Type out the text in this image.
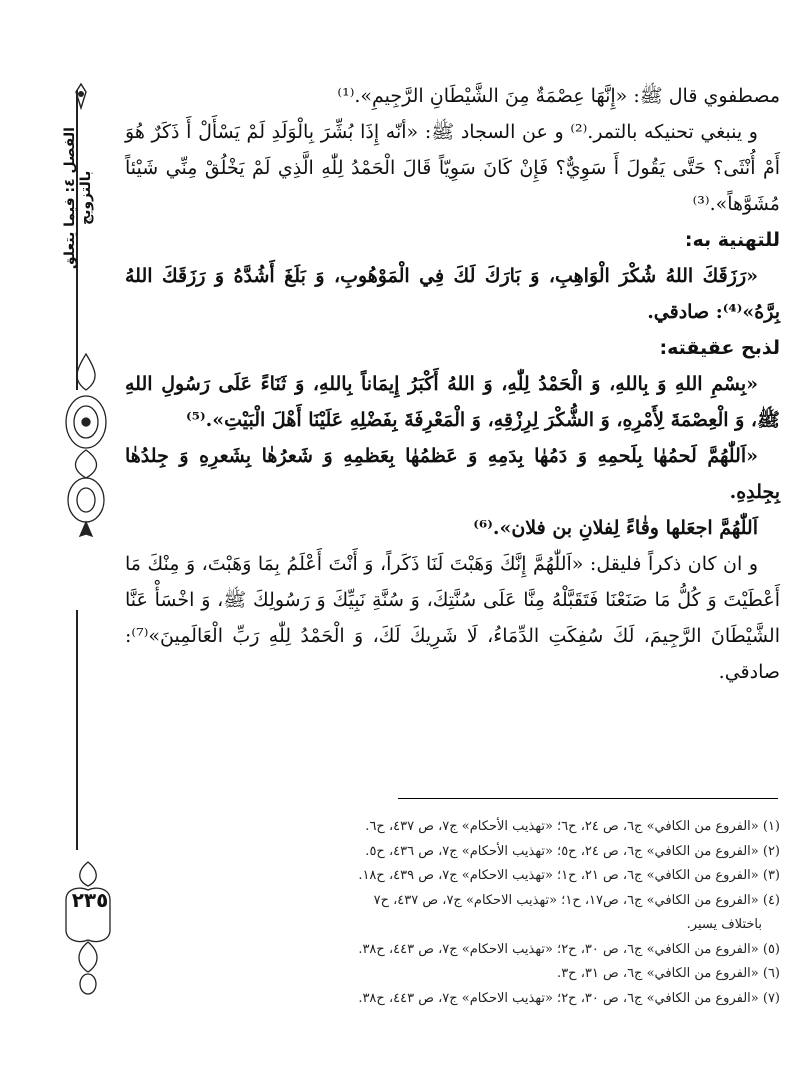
الفصل ٤: فيما يتعلق بالتزويج
٢٣٥

مصطفوي قال ﷺ: «إِنَّهَا عِصْمَةٌ مِنَ الشَّيْطَانِ الرَّجِيمِ».⁽¹⁾

و ينبغي تحنيكه بالتمر.⁽²⁾ و عن السجاد ﷺ: «أنّه إِذَا بُشِّرَ بِالْوَلَدِ لَمْ يَسْأَلْ أَ ذَكَرٌ هُوَ أَمْ أُنْثَى؟ حَتَّى يَقُولَ أَ سَوِيٌّ؟ فَإِنْ كَانَ سَوِيّاً قَالَ الْحَمْدُ لِلّٰهِ الَّذِي لَمْ يَخْلُقْ مِنِّي شَيْئاً مُشَوَّهاً».⁽³⁾

للتهنية به:

«رَزَقَكَ اللهُ شُكْرَ الْوَاهِبِ، وَ بَارَكَ لَكَ فِي الْمَوْهُوبِ، وَ بَلَغَ أَشُدَّهُ وَ رَزَقَكَ اللهُ بِرَّهُ»⁽⁴⁾: صادقي.

لذبح عقيقته:

«بِسْمِ اللهِ وَ بِاللهِ، وَ الْحَمْدُ لِلّٰهِ، وَ اللهُ أَكْبَرُ إِيمَاناً بِاللهِ، وَ ثَنَاءً عَلَى رَسُولِ اللهِ ﷺ، وَ الْعِصْمَةَ لِأَمْرِهِ، وَ الشُّكْرَ لِرِزْقِهِ، وَ الْمَعْرِفَةَ بِفَضْلِهِ عَلَيْنَا أَهْلَ الْبَيْتِ».⁽⁵⁾

«اَللّٰهُمَّ لَحمُهٰا بِلَحمِهِ وَ دَمُهٰا بِدَمِهِ وَ عَظمُهٰا بِعَظمِهِ وَ شَعرُهٰا بِشَعرِهِ وَ جِلدُهٰا بِجِلدِهِ.

اَللّٰهُمَّ اجعَلها وقٰاءً لِفلانِ بن فلان».⁽⁶⁾

و ان كان ذكراً فليقل: «اَللّٰهُمَّ إِنَّكَ وَهَبْتَ لَنَا ذَكَراً، وَ أَنْتَ أَعْلَمُ بِمَا وَهَبْتَ، وَ مِنْكَ مَا أَعْطَيْتَ وَ كُلُّ مَا صَنَعْنَا فَتَقَبَّلْهُ مِنَّا عَلَى سُنَّتِكَ، وَ سُنَّةِ نَبِيِّكَ وَ رَسُولِكَ ﷺ، وَ اخْسَأْ عَنَّا الشَّيْطَانَ الرَّجِيمَ، لَكَ سُفِكَتِ الدِّمَاءُ، لَا شَرِيكَ لَكَ، وَ الْحَمْدُ لِلّٰهِ رَبِّ الْعَالَمِينَ»⁽⁷⁾: صادقي.

(١) «الفروع من الكافي» ج٦، ص ٢٤، ح٦؛ «تهذيب الأحكام» ج٧، ص ٤٣٧، ح٦.

(٢) «الفروع من الكافي» ج٦، ص ٢٤، ح٥؛ «تهذيب الأحكام» ج٧، ص ٤٣٦، ح٥.

(٣) «الفروع من الكافي» ج٦، ص ٢١، ح١؛ «تهذيب الاحكام» ج٧، ص ٤٣٩، ح١٨.

(٤) «الفروع من الكافي» ج٦، ص١٧، ح١؛ «تهذيب الاحكام» ج٧، ص ٤٣٧، ح٧

باختلاف يسير.

(٥) «الفروع من الكافي» ج٦، ص ٣٠، ح٢؛ «تهذيب الاحكام» ج٧، ص ٤٤٣، ح٣٨.

(٦) «الفروع من الكافي» ج٦، ص ٣١، ح٣.

(٧) «الفروع من الكافي» ج٦، ص ٣٠، ح٢؛ «تهذيب الاحكام» ج٧، ص ٤٤٣، ح٣٨.
